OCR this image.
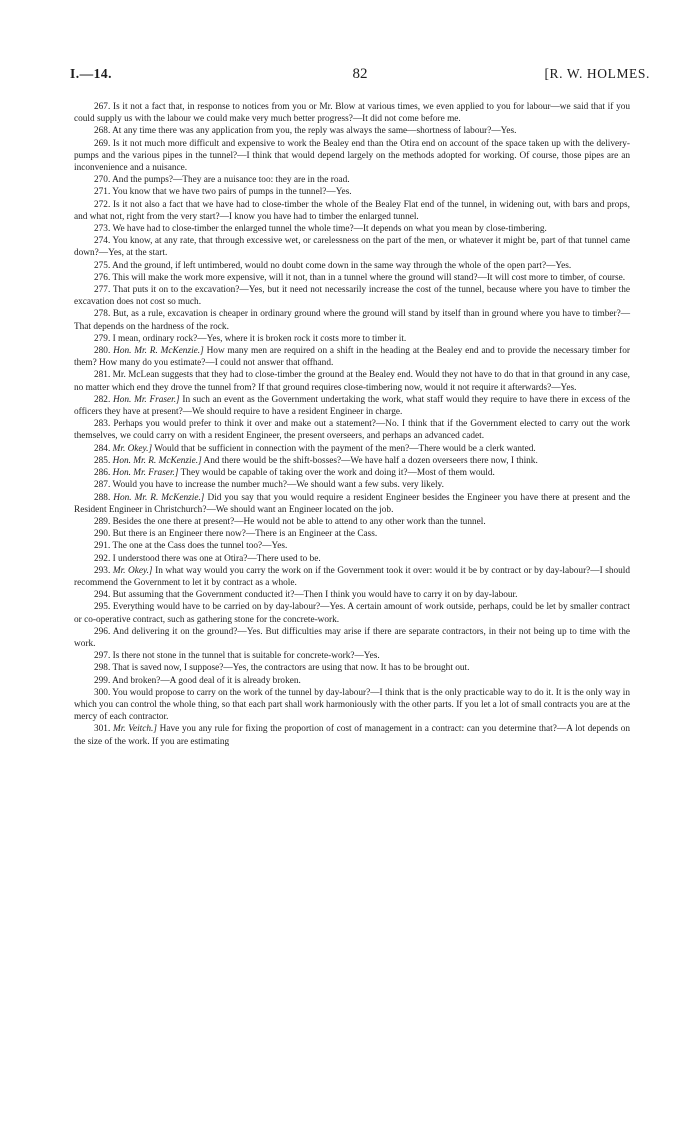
I.—14.	82	[R. W. HOLMES.

267. Is it not a fact that, in response to notices from you or Mr. Blow at various times, we even applied to you for labour—we said that if you could supply us with the labour we could make very much better progress?—It did not come before me.

268. At any time there was any application from you, the reply was always the same—shortness of labour?—Yes.

269. Is it not much more difficult and expensive to work the Bealey end than the Otira end on account of the space taken up with the delivery-pumps and the various pipes in the tunnel?—I think that would depend largely on the methods adopted for working. Of course, those pipes are an inconvenience and a nuisance.

270. And the pumps?—They are a nuisance too: they are in the road.

271. You know that we have two pairs of pumps in the tunnel?—Yes.

272. Is it not also a fact that we have had to close-timber the whole of the Bealey Flat end of the tunnel, in widening out, with bars and props, and what not, right from the very start?—I know you have had to timber the enlarged tunnel.

273. We have had to close-timber the enlarged tunnel the whole time?—It depends on what you mean by close-timbering.

274. You know, at any rate, that through excessive wet, or carelessness on the part of the men, or whatever it might be, part of that tunnel came down?—Yes, at the start.

275. And the ground, if left untimbered, would no doubt come down in the same way through the whole of the open part?—Yes.

276. This will make the work more expensive, will it not, than in a tunnel where the ground will stand?—It will cost more to timber, of course.

277. That puts it on to the excavation?—Yes, but it need not necessarily increase the cost of the tunnel, because where you have to timber the excavation does not cost so much.

278. But, as a rule, excavation is cheaper in ordinary ground where the ground will stand by itself than in ground where you have to timber?—That depends on the hardness of the rock.

279. I mean, ordinary rock?—Yes, where it is broken rock it costs more to timber it.

280. Hon. Mr. R. McKenzie.] How many men are required on a shift in the heading at the Bealey end and to provide the necessary timber for them? How many do you estimate?—I could not answer that offhand.

281. Mr. McLean suggests that they had to close-timber the ground at the Bealey end. Would they not have to do that in that ground in any case, no matter which end they drove the tunnel from? If that ground requires close-timbering now, would it not require it afterwards?—Yes.

282. Hon. Mr. Fraser.] In such an event as the Government undertaking the work, what staff would they require to have there in excess of the officers they have at present?—We should require to have a resident Engineer in charge.

283. Perhaps you would prefer to think it over and make out a statement?—No. I think that if the Government elected to carry out the work themselves, we could carry on with a resident Engineer, the present overseers, and perhaps an advanced cadet.

284. Mr. Okey.] Would that be sufficient in connection with the payment of the men?—There would be a clerk wanted.

285. Hon. Mr. R. McKenzie.] And there would be the shift-bosses?—We have half a dozen overseers there now, I think.

286. Hon. Mr. Fraser.] They would be capable of taking over the work and doing it?—Most of them would.

287. Would you have to increase the number much?—We should want a few subs. very likely.

288. Hon. Mr. R. McKenzie.] Did you say that you would require a resident Engineer besides the Engineer you have there at present and the Resident Engineer in Christchurch?—We should want an Engineer located on the job.

289. Besides the one there at present?—He would not be able to attend to any other work than the tunnel.

290. But there is an Engineer there now?—There is an Engineer at the Cass.

291. The one at the Cass does the tunnel too?—Yes.

292. I understood there was one at Otira?—There used to be.

293. Mr. Okey.] In what way would you carry the work on if the Government took it over: would it be by contract or by day-labour?—I should recommend the Government to let it by contract as a whole.

294. But assuming that the Government conducted it?—Then I think you would have to carry it on by day-labour.

295. Everything would have to be carried on by day-labour?—Yes. A certain amount of work outside, perhaps, could be let by smaller contract or co-operative contract, such as gathering stone for the concrete-work.

296. And delivering it on the ground?—Yes. But difficulties may arise if there are separate contractors, in their not being up to time with the work.

297. Is there not stone in the tunnel that is suitable for concrete-work?—Yes.

298. That is saved now, I suppose?—Yes, the contractors are using that now. It has to be brought out.

299. And broken?—A good deal of it is already broken.

300. You would propose to carry on the work of the tunnel by day-labour?—I think that is the only practicable way to do it. It is the only way in which you can control the whole thing, so that each part shall work harmoniously with the other parts. If you let a lot of small contracts you are at the mercy of each contractor.

301. Mr. Veitch.] Have you any rule for fixing the proportion of cost of management in a contract: can you determine that?—A lot depends on the size of the work. If you are estimating
